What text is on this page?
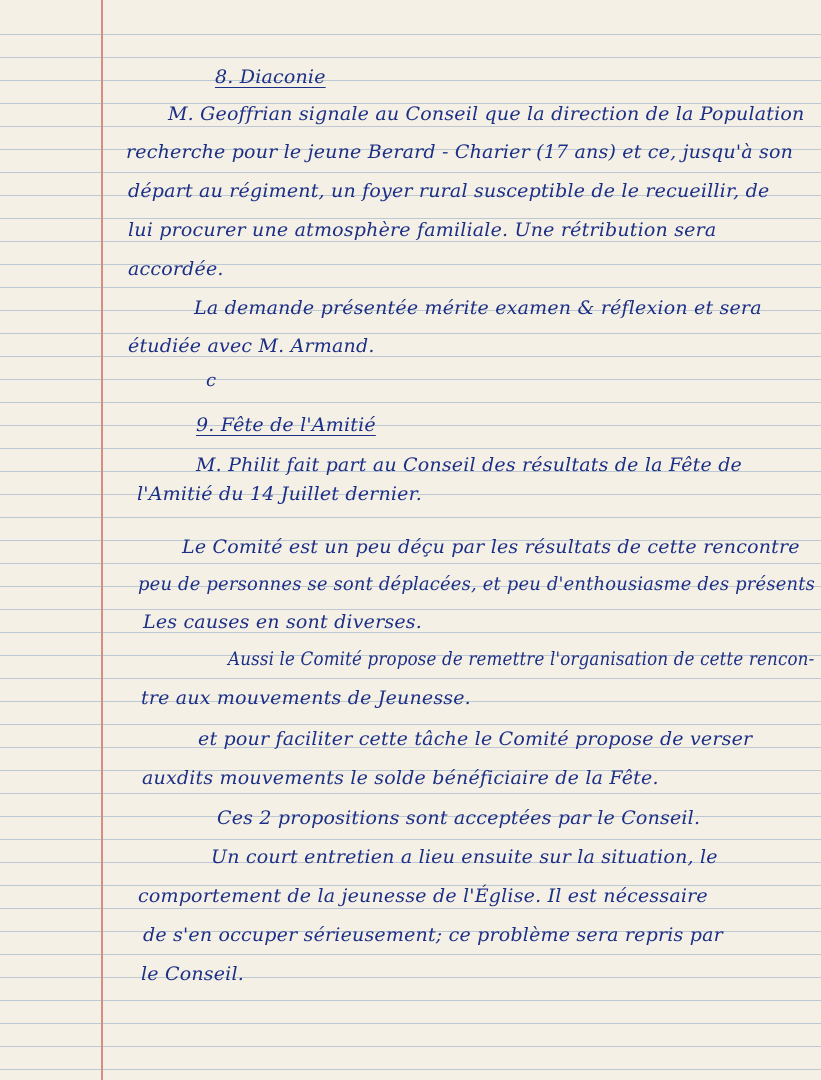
8. Diaconie
M. Geoffrian signale au Conseil que la direction de la Population
recherche pour le jeune Berard - Charier (17 ans) et ce, jusqu'à son
départ au régiment, un foyer rural susceptible de le recueillir, de
lui procurer une atmosphère familiale. Une rétribution sera
accordée.
La demande présentée mérite examen & réflexion et sera
étudiée avec M. Armand.
c
9. Fête de l'Amitié
M. Philit fait part au Conseil des résultats de la Fête de
l'Amitié du 14 Juillet dernier.
Le Comité est un peu déçu par les résultats de cette rencontre
peu de personnes se sont déplacées, et peu d'enthousiasme des présents
Les causes en sont diverses.
Aussi le Comité propose de remettre l'organisation de cette rencon-
tre aux mouvements de Jeunesse.
et pour faciliter cette tâche le Comité propose de verser
auxdits mouvements le solde bénéficiaire de la Fête.
Ces 2 propositions sont acceptées par le Conseil.
Un court entretien a lieu ensuite sur la situation, le
comportement de la jeunesse de l'Église. Il est nécessaire
de s'en occuper sérieusement; ce problème sera repris par
le Conseil.
